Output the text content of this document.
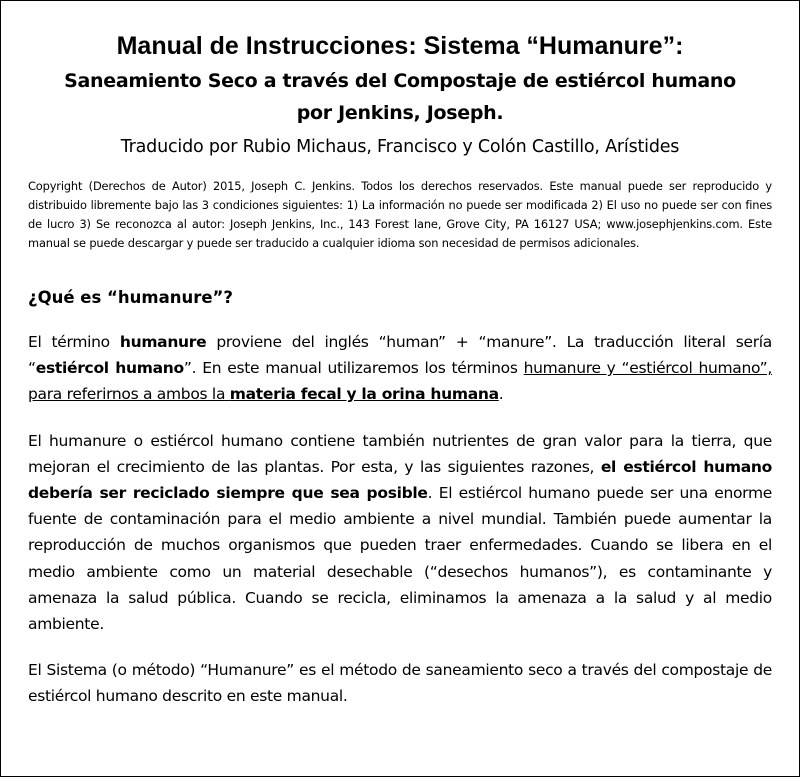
Manual de Instrucciones: Sistema “Humanure”:
Saneamiento Seco a través del Compostaje de estiércol humano
por Jenkins, Joseph.
Traducido por Rubio Michaus, Francisco y Colón Castillo, Arístides
Copyright (Derechos de Autor) 2015, Joseph C. Jenkins. Todos los derechos reservados. Este manual puede ser reproducido y distribuido libremente bajo las 3 condiciones siguientes: 1) La información no puede ser modificada 2) El uso no puede ser con fines de lucro 3) Se reconozca al autor: Joseph Jenkins, Inc., 143 Forest lane, Grove City, PA 16127 USA; www.josephjenkins.com. Este manual se puede descargar y puede ser traducido a cualquier idioma son necesidad de permisos adicionales.
¿Qué es “humanure”?

El término humanure proviene del inglés “human” + “manure”. La traducción literal sería “estiércol humano”. En este manual utilizaremos los términos humanure y “estiércol humano”, para referirnos a ambos la materia fecal y la orina humana.

El humanure o estiércol humano contiene también nutrientes de gran valor para la tierra, que mejoran el crecimiento de las plantas. Por esta, y las siguientes razones, el estiércol humano debería ser reciclado siempre que sea posible. El estiércol humano puede ser una enorme fuente de contaminación para el medio ambiente a nivel mundial. También puede aumentar la reproducción de muchos organismos que pueden traer enfermedades. Cuando se libera en el medio ambiente como un material desechable (“desechos humanos”), es contaminante y amenaza la salud pública. Cuando se recicla, eliminamos la amenaza a la salud y al medio ambiente.

El Sistema (o método) “Humanure” es el método de saneamiento seco a través del compostaje de estiércol humano descrito en este manual.
